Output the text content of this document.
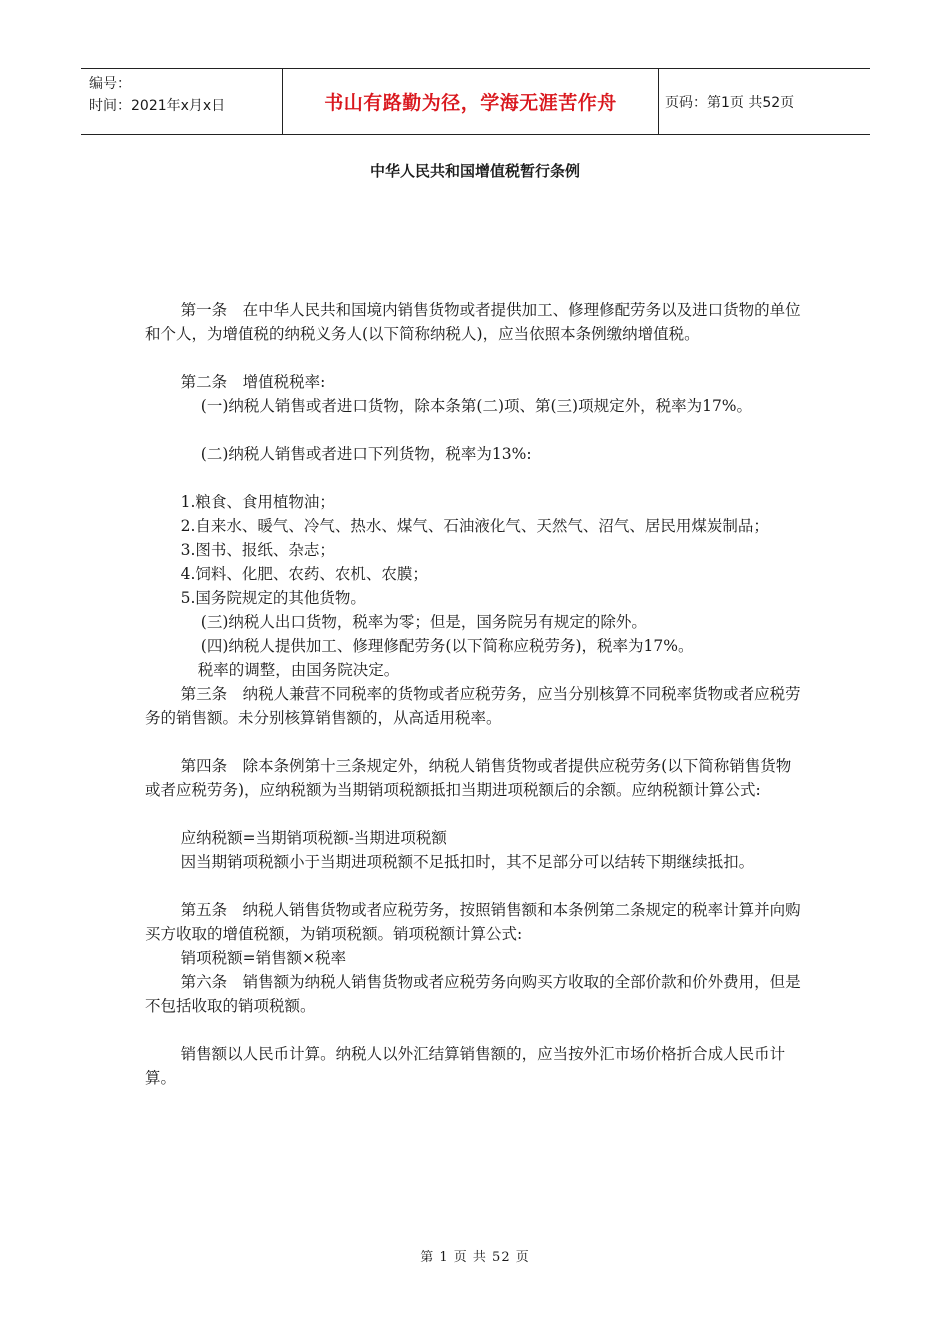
编号：
时间：2021年x月x日	书山有路勤为径，学海无涯苦作舟	页码：第1页 共52页
中华人民共和国增值税暂行条例

第一条　在中华人民共和国境内销售货物或者提供加工、修理修配劳务以及进口货物的单位和个人，为增值税的纳税义务人(以下简称纳税人)，应当依照本条例缴纳增值税。

第二条　增值税税率:

(一)纳税人销售或者进口货物，除本条第(二)项、第(三)项规定外，税率为17%。

(二)纳税人销售或者进口下列货物，税率为13%:

1.粮食、食用植物油；

2.自来水、暖气、冷气、热水、煤气、石油液化气、天然气、沼气、居民用煤炭制品；

3.图书、报纸、杂志；

4.饲料、化肥、农药、农机、农膜；

5.国务院规定的其他货物。

(三)纳税人出口货物，税率为零；但是，国务院另有规定的除外。

(四)纳税人提供加工、修理修配劳务(以下简称应税劳务)，税率为17%。

税率的调整，由国务院决定。

第三条　纳税人兼营不同税率的货物或者应税劳务，应当分别核算不同税率货物或者应税劳务的销售额。未分别核算销售额的，从高适用税率。

第四条　除本条例第十三条规定外，纳税人销售货物或者提供应税劳务(以下简称销售货物或者应税劳务)，应纳税额为当期销项税额抵扣当期进项税额后的余额。应纳税额计算公式:

应纳税额=当期销项税额-当期进项税额

因当期销项税额小于当期进项税额不足抵扣时，其不足部分可以结转下期继续抵扣。

第五条　纳税人销售货物或者应税劳务，按照销售额和本条例第二条规定的税率计算并向购买方收取的增值税额，为销项税额。销项税额计算公式:

销项税额=销售额×税率

第六条　销售额为纳税人销售货物或者应税劳务向购买方收取的全部价款和价外费用，但是不包括收取的销项税额。

销售额以人民币计算。纳税人以外汇结算销售额的，应当按外汇市场价格折合成人民币计算。

第 1 页 共 52 页
